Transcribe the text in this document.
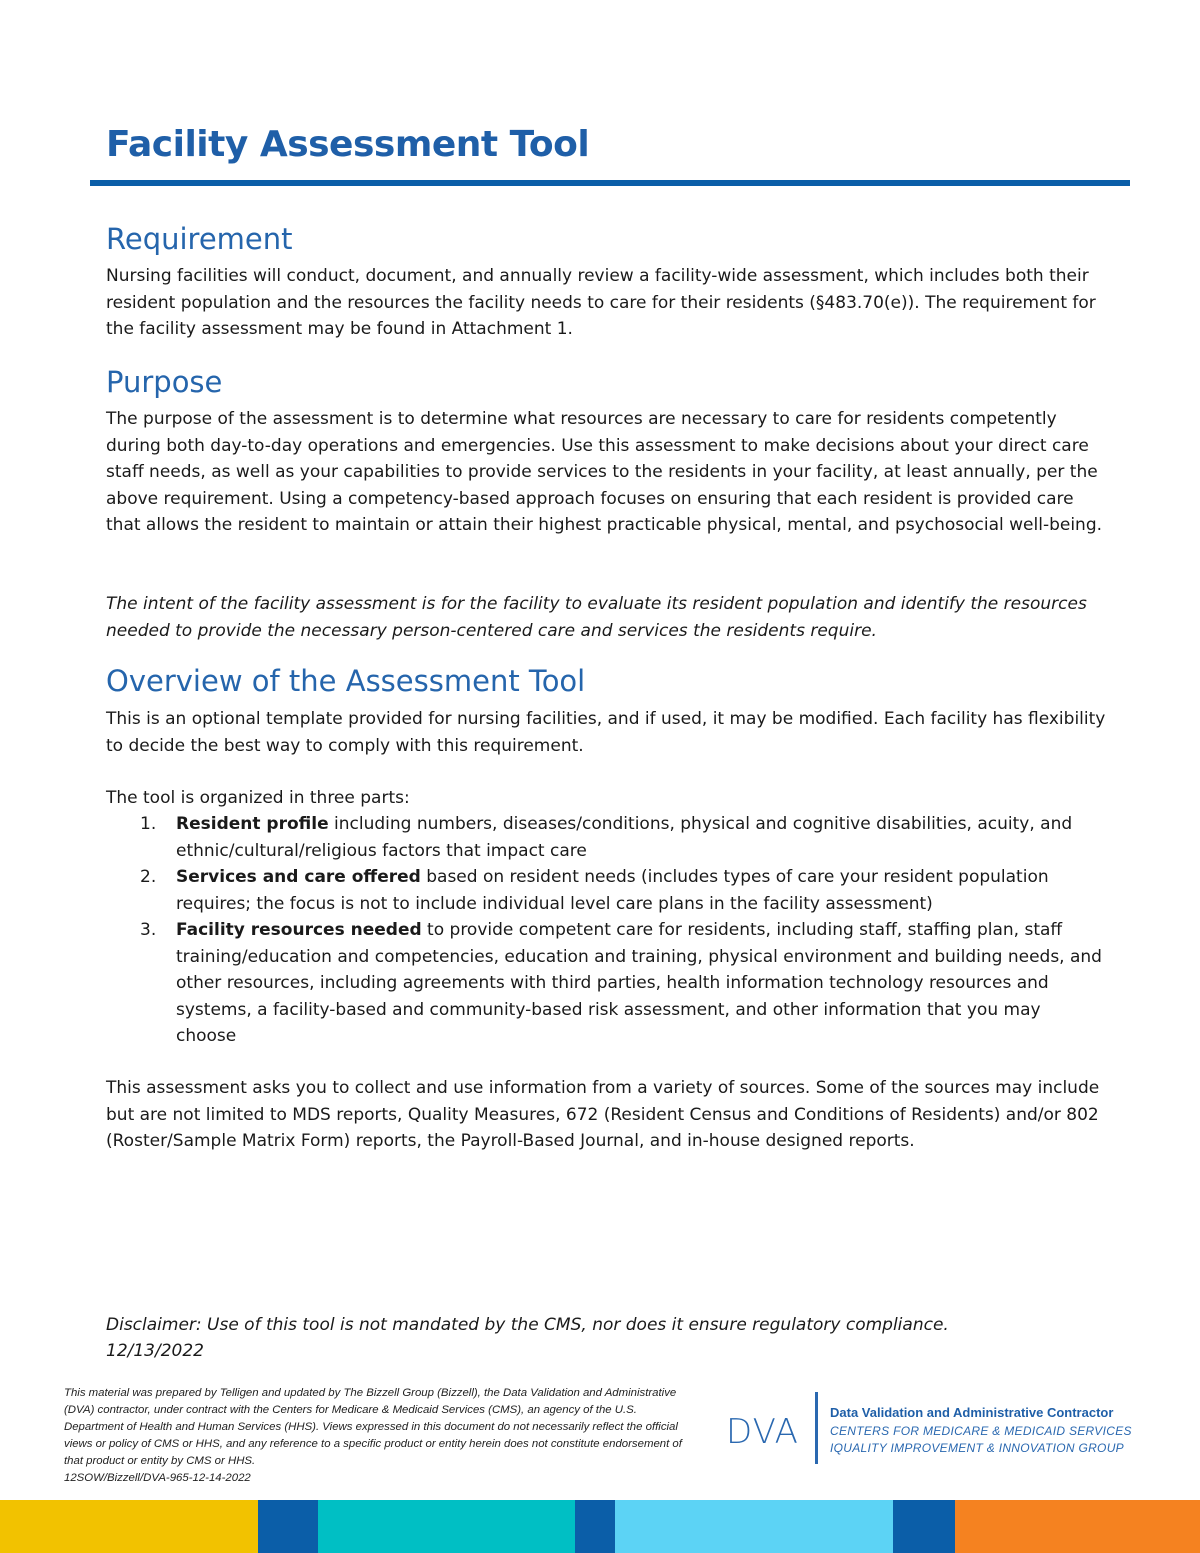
Facility Assessment Tool
Requirement

Nursing facilities will conduct, document, and annually review a facility-wide assessment, which includes both their resident population and the resources the facility needs to care for their residents (§483.70(e)). The requirement for the facility assessment may be found in Attachment 1.

Purpose

The purpose of the assessment is to determine what resources are necessary to care for residents competently during both day-to-day operations and emergencies. Use this assessment to make decisions about your direct care staff needs, as well as your capabilities to provide services to the residents in your facility, at least annually, per the above requirement. Using a competency-based approach focuses on ensuring that each resident is provided care that allows the resident to maintain or attain their highest practicable physical, mental, and psychosocial well-being.

The intent of the facility assessment is for the facility to evaluate its resident population and identify the resources needed to provide the necessary person-centered care and services the residents require.

Overview of the Assessment Tool

This is an optional template provided for nursing facilities, and if used, it may be modified. Each facility has flexibility to decide the best way to comply with this requirement.

The tool is organized in three parts:

1. Resident profile including numbers, diseases/conditions, physical and cognitive disabilities, acuity, and ethnic/cultural/religious factors that impact care
2. Services and care offered based on resident needs (includes types of care your resident population requires; the focus is not to include individual level care plans in the facility assessment)
3. Facility resources needed to provide competent care for residents, including staff, staffing plan, staff training/education and competencies, education and training, physical environment and building needs, and other resources, including agreements with third parties, health information technology resources and systems, a facility-based and community-based risk assessment, and other information that you may choose

This assessment asks you to collect and use information from a variety of sources. Some of the sources may include but are not limited to MDS reports, Quality Measures, 672 (Resident Census and Conditions of Residents) and/or 802 (Roster/Sample Matrix Form) reports, the Payroll-Based Journal, and in-house designed reports.

Disclaimer: Use of this tool is not mandated by the CMS, nor does it ensure regulatory compliance.
12/13/2022
This material was prepared by Telligen and updated by The Bizzell Group (Bizzell), the Data Validation and Administrative (DVA) contractor, under contract with the Centers for Medicare & Medicaid Services (CMS), an agency of the U.S. Department of Health and Human Services (HHS). Views expressed in this document do not necessarily reflect the official views or policy of CMS or HHS, and any reference to a specific product or entity herein does not constitute endorsement of that product or entity by CMS or HHS.
12SOW/Bizzell/DVA-965-12-14-2022
DVA Data Validation and Administrative Contractor
CENTERS FOR MEDICARE & MEDICAID SERVICES
IQUALITY IMPROVEMENT & INNOVATION GROUP
